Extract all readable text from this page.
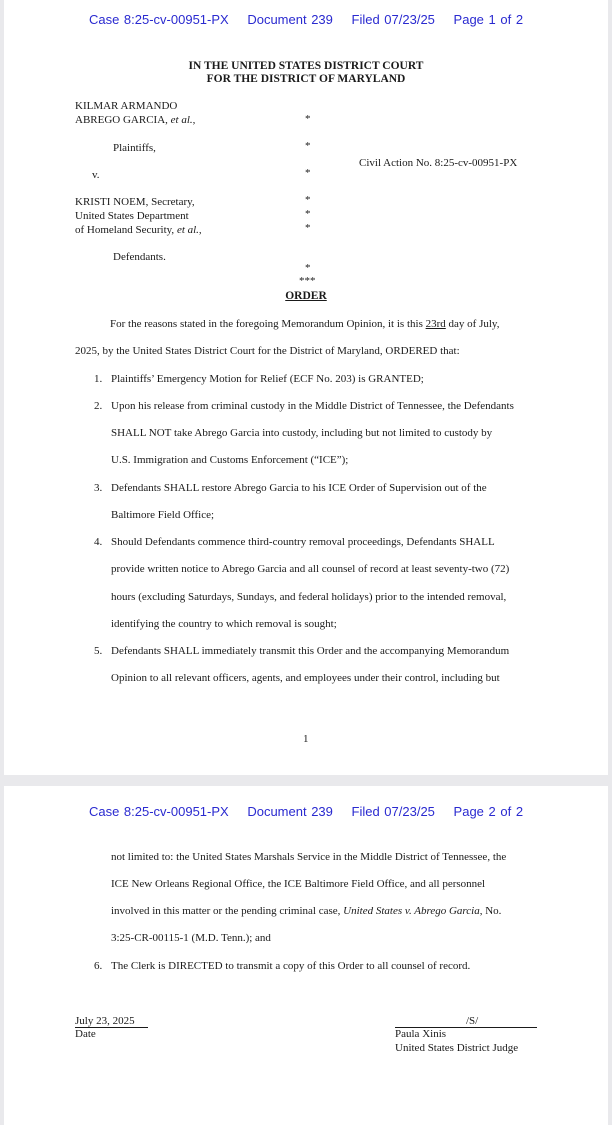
Case 8:25-cv-00951-PX Document 239 Filed 07/23/25 Page 1 of 2
IN THE UNITED STATES DISTRICT COURT
FOR THE DISTRICT OF MARYLAND
KILMAR ARMANDO
ABREGO GARCIA, et al.,	*
Plaintiffs,	*
Civil Action No. 8:25-cv-00951-PX
v.	*
KRISTI NOEM, Secretary,	*
United States Department	*
of Homeland Security, et al.,	*
Defendants.
*
***
ORDER
For the reasons stated in the foregoing Memorandum Opinion, it is this 23rd day of July,
2025, by the United States District Court for the District of Maryland, ORDERED that:
1. Plaintiffs’ Emergency Motion for Relief (ECF No. 203) is GRANTED;
2. Upon his release from criminal custody in the Middle District of Tennessee, the Defendants
SHALL NOT take Abrego Garcia into custody, including but not limited to custody by
U.S. Immigration and Customs Enforcement (“ICE”);
3. Defendants SHALL restore Abrego Garcia to his ICE Order of Supervision out of the
Baltimore Field Office;
4. Should Defendants commence third-country removal proceedings, Defendants SHALL
provide written notice to Abrego Garcia and all counsel of record at least seventy-two (72)
hours (excluding Saturdays, Sundays, and federal holidays) prior to the intended removal,
identifying the country to which removal is sought;
5. Defendants SHALL immediately transmit this Order and the accompanying Memorandum
Opinion to all relevant officers, agents, and employees under their control, including but
1
Case 8:25-cv-00951-PX Document 239 Filed 07/23/25 Page 2 of 2
not limited to: the United States Marshals Service in the Middle District of Tennessee, the
ICE New Orleans Regional Office, the ICE Baltimore Field Office, and all personnel
involved in this matter or the pending criminal case, United States v. Abrego Garcia, No.
3:25-CR-00115-1 (M.D. Tenn.); and
6. The Clerk is DIRECTED to transmit a copy of this Order to all counsel of record.
July 23, 2025
Date
/S/
Paula Xinis
United States District Judge
